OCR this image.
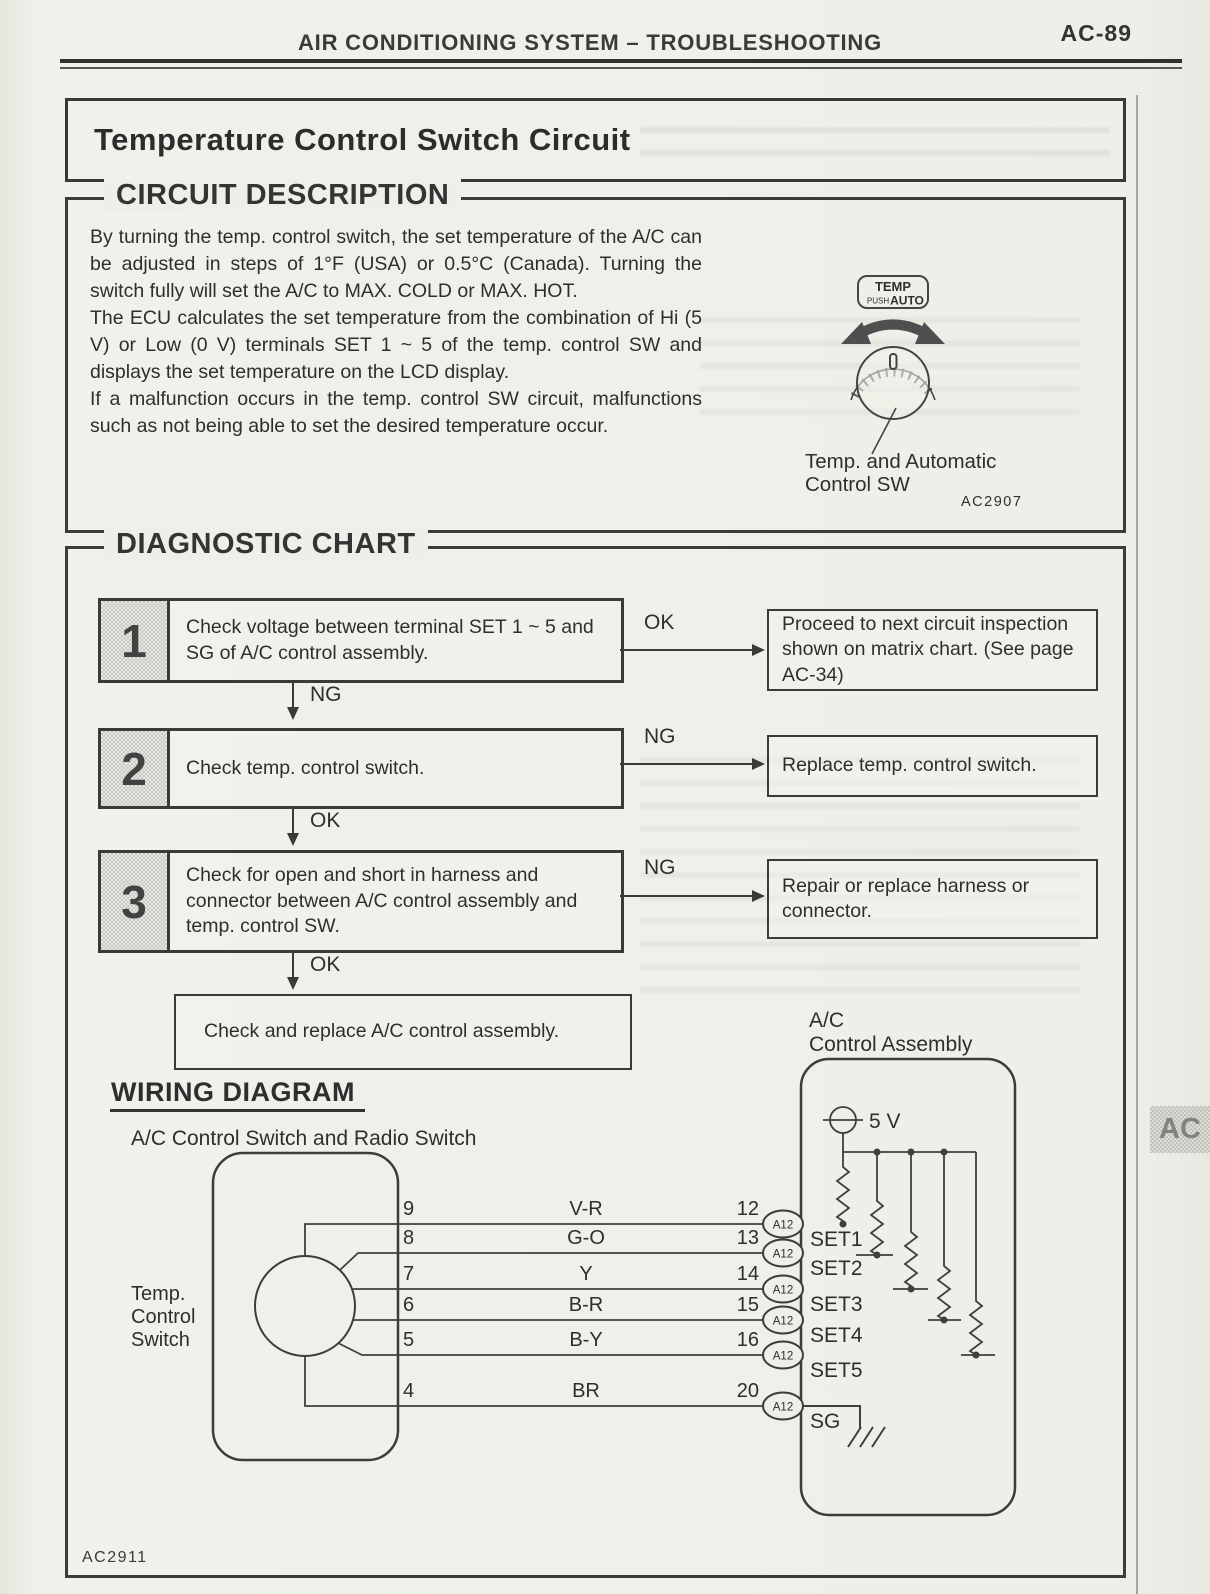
AC-89
AIR CONDITIONING SYSTEM – TROUBLESHOOTING
Temperature Control Switch Circuit
CIRCUIT DESCRIPTION

By turning the temp. control switch, the set temperature of the A/C can be adjusted in steps of 1°F (USA) or 0.5°C (Canada). Turning the switch fully will set the A/C to MAX. COLD or MAX. HOT.

The ECU calculates the set temperature from the combination of Hi (5 V) or Low (0 V) terminals SET 1 ~ 5 of the temp. control SW and displays the set temperature on the LCD display.

If a malfunction occurs in the temp. control SW circuit, malfunctions such as not being able to set the desired temperature occur.

TEMP
PUSH AUTO
Temp. and Automatic
Control SW
AC2907
DIAGNOSTIC CHART
1	Check voltage between terminal SET 1 ~ 5 and SG of A/C control assembly.
OK	Proceed to next circuit inspection shown on matrix chart. (See page AC-34)
NG
2	Check temp. control switch.
NG
Replace temp. control switch.
OK
3
Check for open and short in harness and connector between A/C control assembly and temp. control SW.
NG
Repair or replace harness or connector.
OK
Check and replace A/C control assembly.
WIRING DIAGRAM
A/C Control Switch and Radio Switch
Temp.
Control
Switch
A/C
Control Assembly
5 V
9
8
7
6
5
4
V-R
G-O
Y
B-R
B-Y
BR
12
13
14
15
16
20
A12
A12
A12
A12
A12
A12
SET1
SET2
SET3
SET4
SET5
SG
AC2911
AC
